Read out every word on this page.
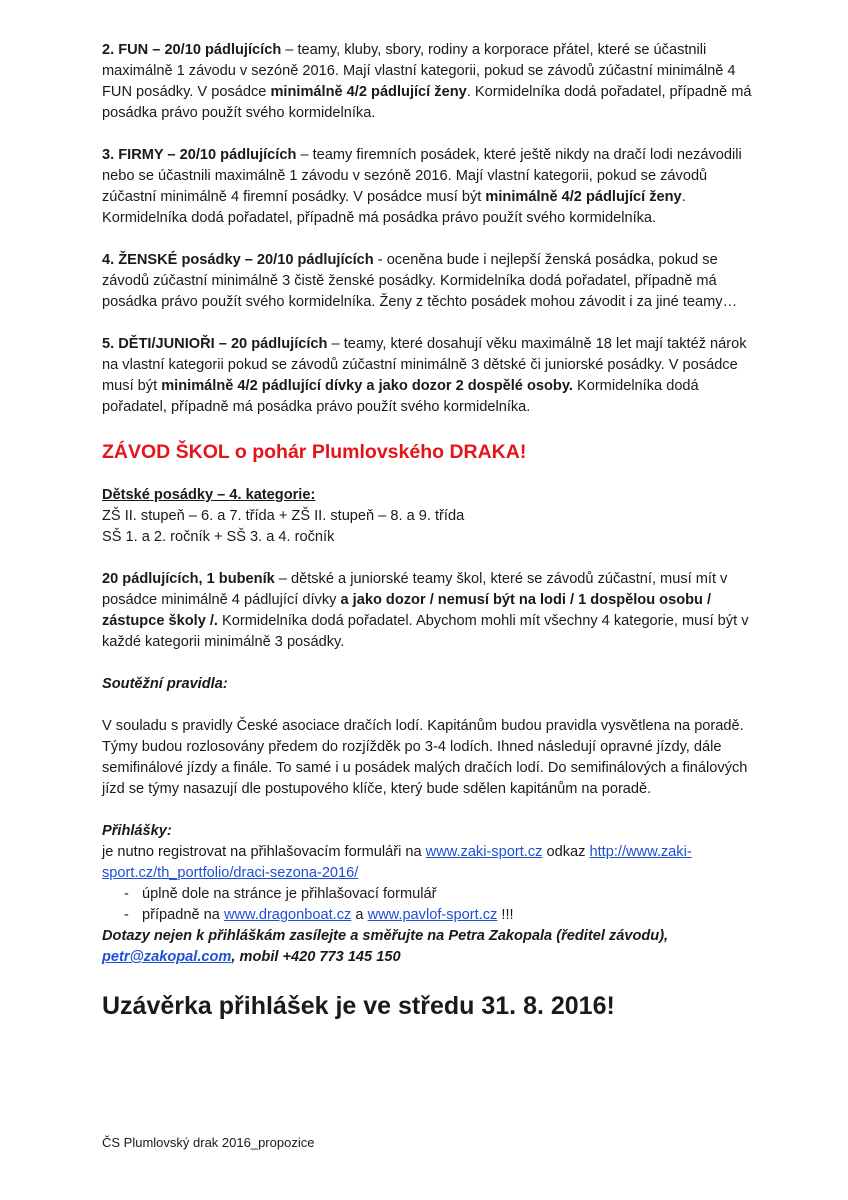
2. FUN – 20/10 pádlujících – teamy, kluby, sbory, rodiny a korporace přátel, které se účastnili maximálně 1 závodu v sezóně 2016. Mají vlastní kategorii, pokud se závodů zúčastní minimálně 4 FUN posádky. V posádce minimálně 4/2 pádlující ženy. Kormidelníka dodá pořadatel, případně má posádka právo použít svého kormidelníka.

3. FIRMY – 20/10 pádlujících – teamy firemních posádek, které ještě nikdy na dračí lodi nezávodili nebo se účastnili maximálně 1 závodu v sezóně 2016. Mají vlastní kategorii, pokud se závodů zúčastní minimálně 4 firemní posádky. V posádce musí být minimálně 4/2 pádlující ženy. Kormidelníka dodá pořadatel, případně má posádka právo použít svého kormidelníka.

4. ŽENSKÉ posádky – 20/10 pádlujících - oceněna bude i nejlepší ženská posádka, pokud se závodů zúčastní minimálně 3 čistě ženské posádky. Kormidelníka dodá pořadatel, případně má posádka právo použít svého kormidelníka. Ženy z těchto posádek mohou závodit i za jiné teamy…

5. DĚTI/JUNIOŘI – 20 pádlujících – teamy, které dosahují věku maximálně 18 let mají taktéž nárok na vlastní kategorii pokud se závodů zúčastní minimálně 3 dětské či juniorské posádky. V posádce musí být minimálně 4/2 pádlující dívky a jako dozor 2 dospělé osoby. Kormidelníka dodá pořadatel, případně má posádka právo použít svého kormidelníka.

ZÁVOD ŠKOL o pohár Plumlovského DRAKA!

Dětské posádky – 4. kategorie:

ZŠ II. stupeň – 6. a 7. třída + ZŠ II. stupeň – 8. a 9. třída

SŠ 1. a 2. ročník + SŠ 3. a 4. ročník

20 pádlujících, 1 bubeník – dětské a juniorské teamy škol, které se závodů zúčastní, musí mít v posádce minimálně 4 pádlující dívky a jako dozor / nemusí být na lodi / 1 dospělou osobu / zástupce školy /. Kormidelníka dodá pořadatel. Abychom mohli mít všechny 4 kategorie, musí být v každé kategorii minimálně 3 posádky.

Soutěžní pravidla:

V souladu s pravidly České asociace dračích lodí. Kapitánům budou pravidla vysvětlena na poradě. Týmy budou rozlosovány předem do rozjížděk po 3-4 lodích. Ihned následují opravné jízdy, dále semifinálové jízdy a finále. To samé i u posádek malých dračích lodí. Do semifinálových a finálových jízd se týmy nasazují dle postupového klíče, který bude sdělen kapitánům na poradě.

Přihlášky:

je nutno registrovat na přihlašovacím formuláři na www.zaki-sport.cz odkaz http://www.zaki-sport.cz/th_portfolio/draci-sezona-2016/

- úplně dole na stránce je přihlašovací formulář
- případně na www.dragonboat.cz a www.pavlof-sport.cz !!!

Dotazy nejen k přihláškám zasílejte a směřujte na Petra Zakopala (ředitel závodu), petr@zakopal.com, mobil +420 773 145 150

Uzávěrka přihlášek je ve středu 31. 8. 2016!

ČS Plumlovský drak 2016_propozice
